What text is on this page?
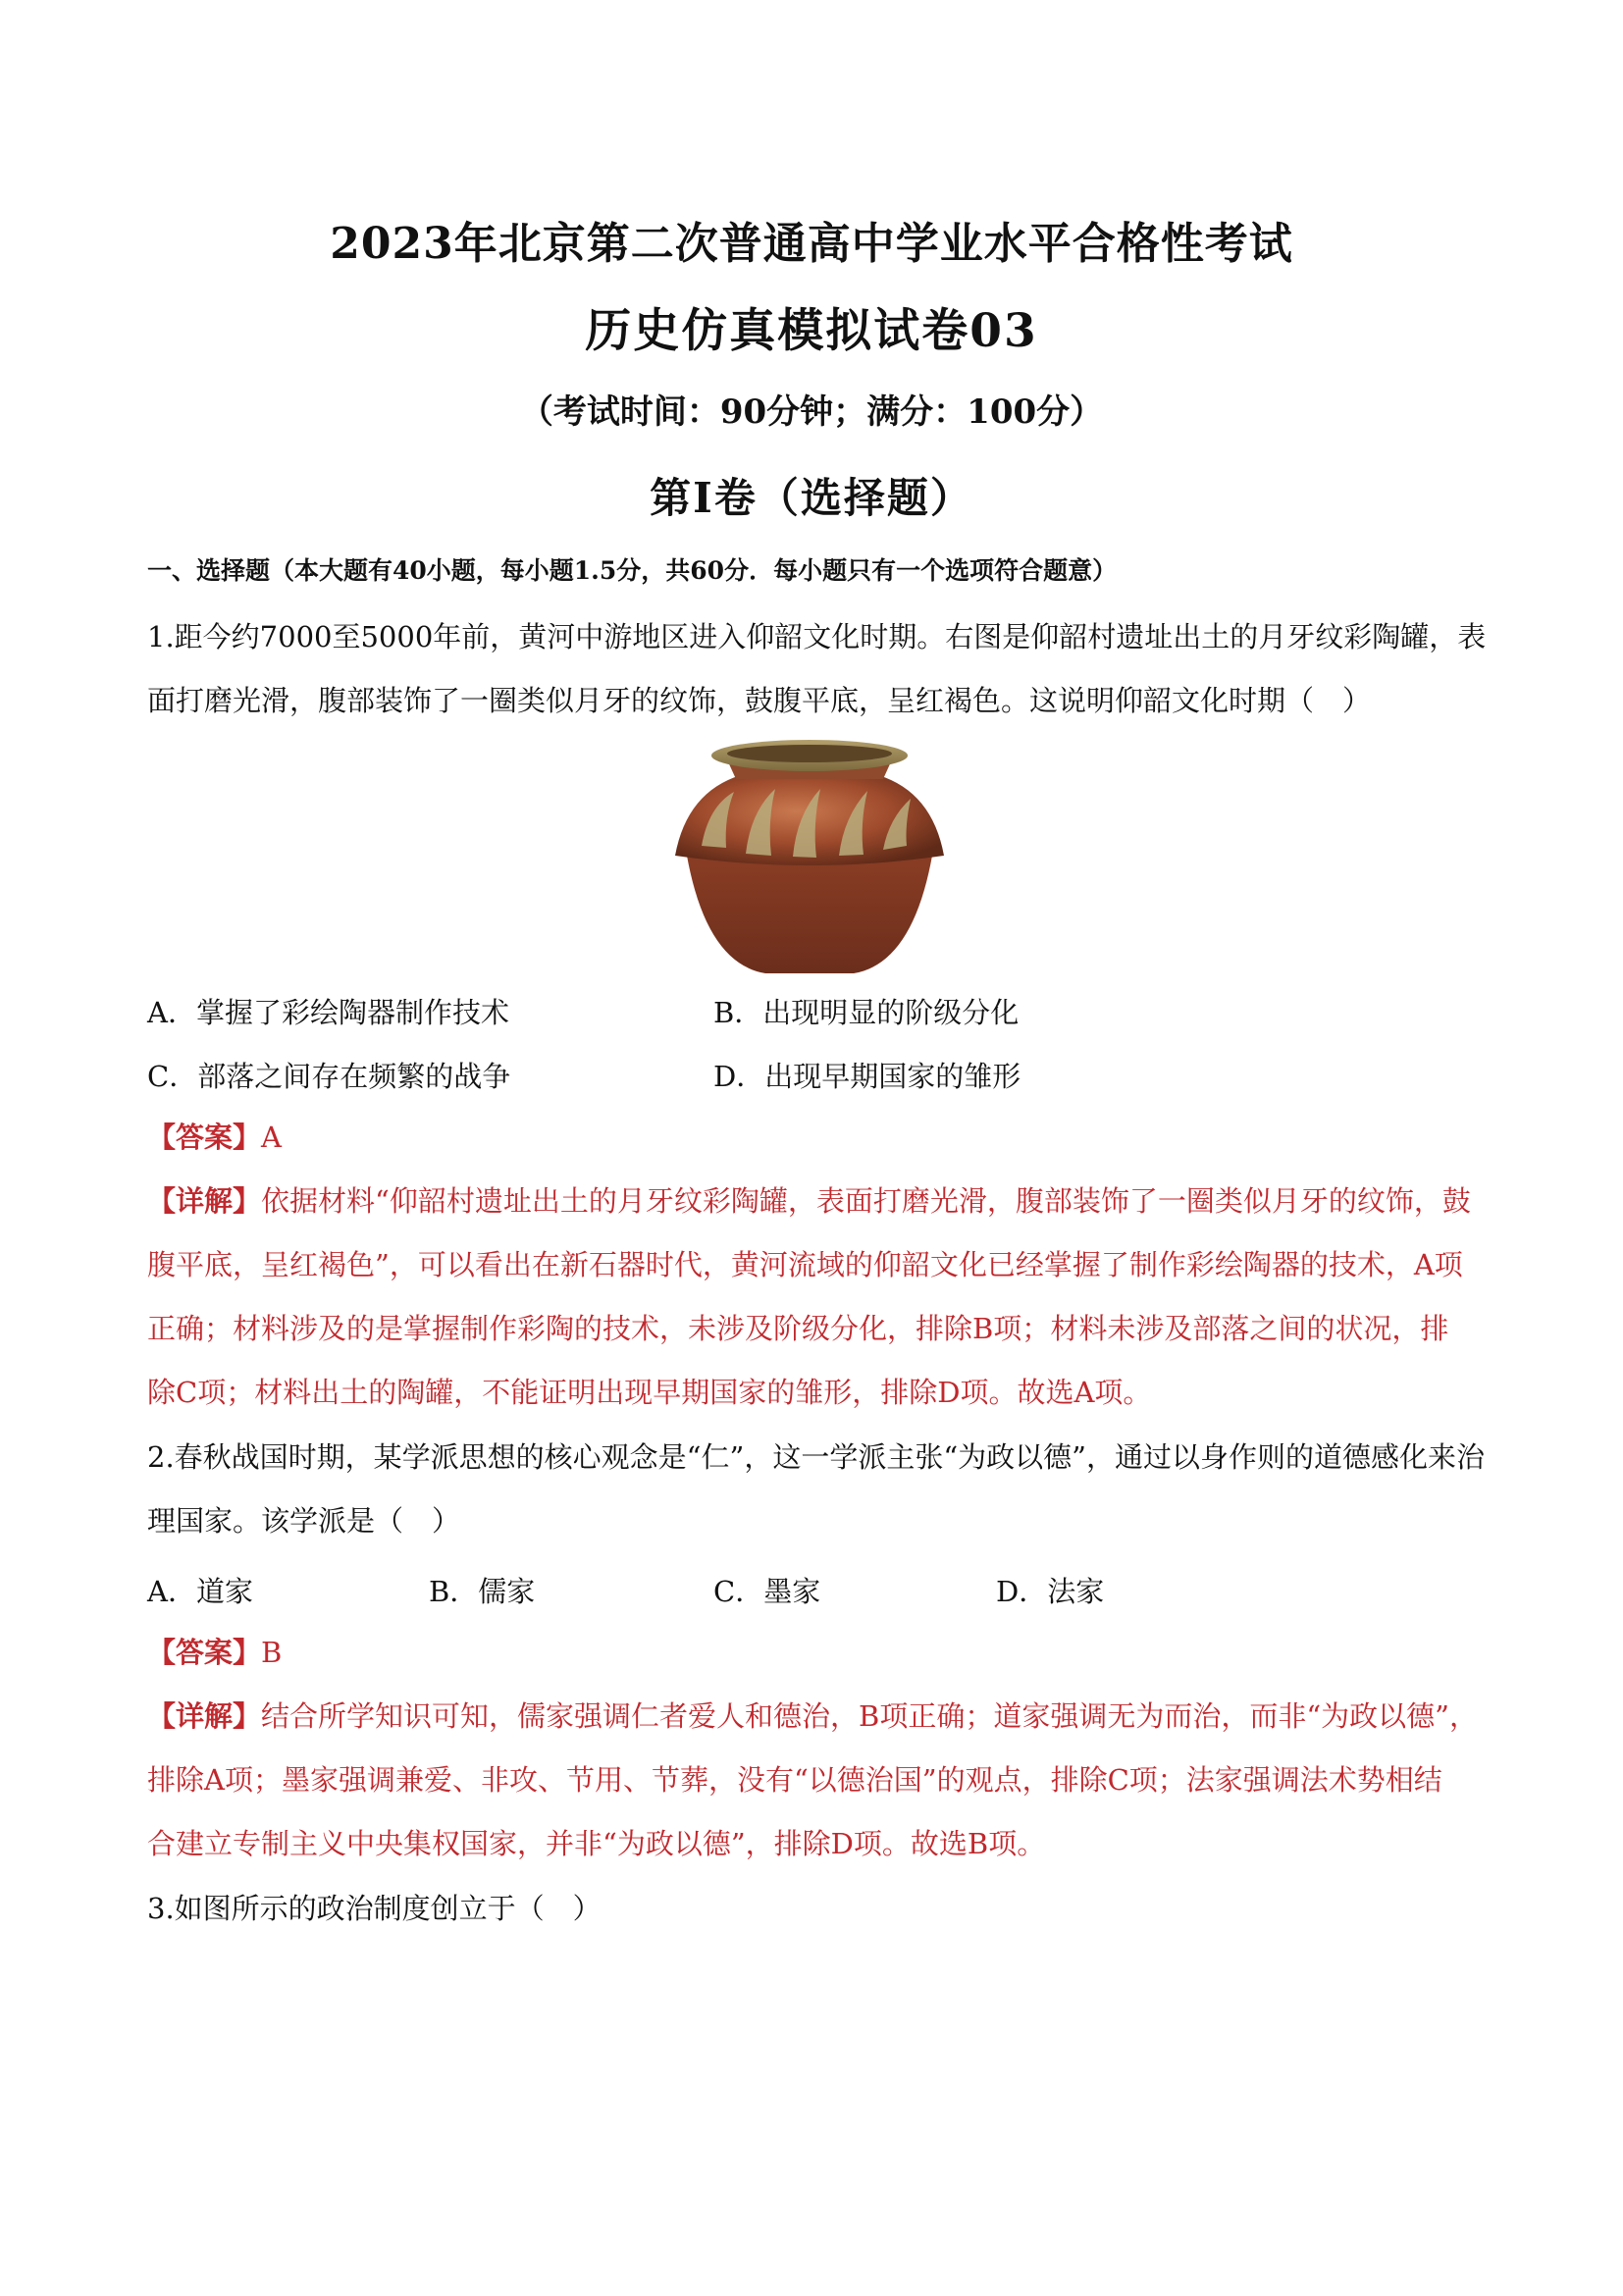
2023年北京第二次普通高中学业水平合格性考试
历史仿真模拟试卷03
（考试时间：90分钟；满分：100分）
第Ⅰ卷（选择题）
一、选择题（本大题有40小题，每小题1.5分，共60分．每小题只有一个选项符合题意）
1.距今约7000至5000年前，黄河中游地区进入仰韶文化时期。右图是仰韶村遗址出土的月牙纹彩陶罐，表
面打磨光滑，腹部装饰了一圈类似月牙的纹饰，鼓腹平底，呈红褐色。这说明仰韶文化时期（　）
A．掌握了彩绘陶器制作技术	B．出现明显的阶级分化
C．部落之间存在频繁的战争	D．出现早期国家的雏形
【答案】A
【详解】依据材料“仰韶村遗址出土的月牙纹彩陶罐，表面打磨光滑，腹部装饰了一圈类似月牙的纹饰，鼓
腹平底，呈红褐色”，可以看出在新石器时代，黄河流域的仰韶文化已经掌握了制作彩绘陶器的技术，A项
正确；材料涉及的是掌握制作彩陶的技术，未涉及阶级分化，排除B项；材料未涉及部落之间的状况，排
除C项；材料出土的陶罐，不能证明出现早期国家的雏形，排除D项。故选A项。
2.春秋战国时期，某学派思想的核心观念是“仁”，这一学派主张“为政以德”，通过以身作则的道德感化来治
理国家。该学派是（　）
A．道家	B．儒家	C．墨家	D．法家
【答案】B
【详解】结合所学知识可知，儒家强调仁者爱人和德治，B项正确；道家强调无为而治，而非“为政以德”，
排除A项；墨家强调兼爱、非攻、节用、节葬，没有“以德治国”的观点，排除C项；法家强调法术势相结
合建立专制主义中央集权国家，并非“为政以德”，排除D项。故选B项。
3.如图所示的政治制度创立于（　）
